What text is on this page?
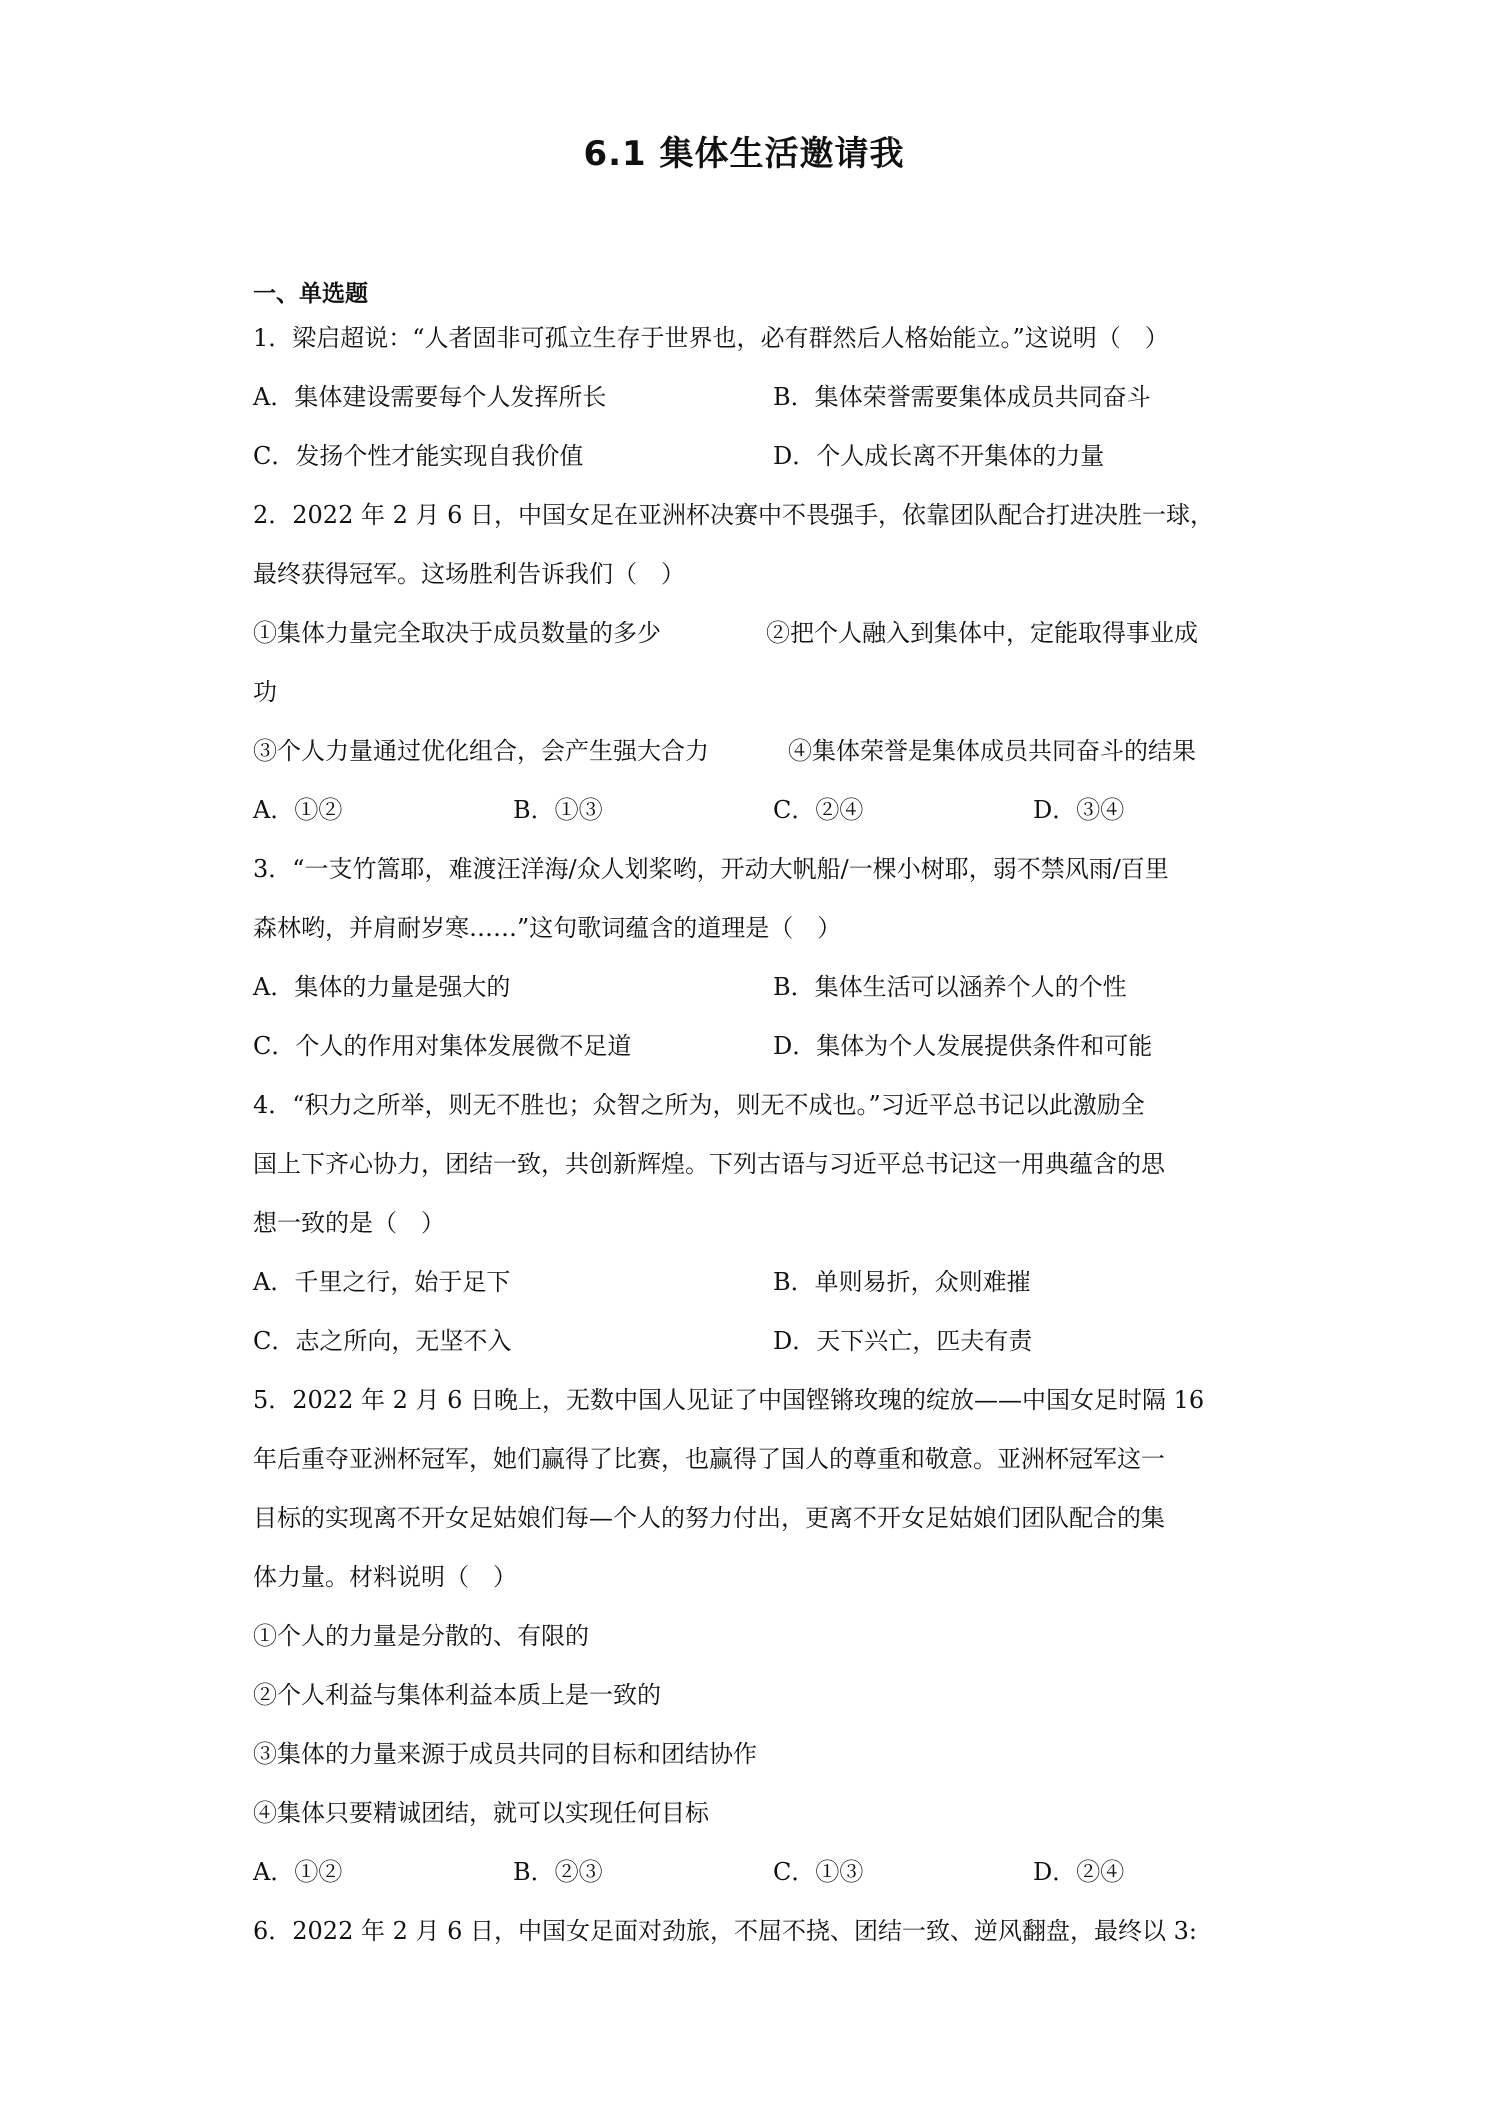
6.1 集体生活邀请我
一、单选题
1．梁启超说：“人者固非可孤立生存于世界也，必有群然后人格始能立。”这说明（　）
A．集体建设需要每个人发挥所长	B．集体荣誉需要集体成员共同奋斗
C．发扬个性才能实现自我价值	D．个人成长离不开集体的力量
2．2022 年 2 月 6 日，中国女足在亚洲杯决赛中不畏强手，依靠团队配合打进决胜一球，
最终获得冠军。这场胜利告诉我们（　）
①集体力量完全取决于成员数量的多少	②把个人融入到集体中，定能取得事业成
功
③个人力量通过优化组合，会产生强大合力	④集体荣誉是集体成员共同奋斗的结果
A．①②	B．①③	C．②④	D．③④
3．“一支竹篙耶，难渡汪洋海/众人划桨哟，开动大帆船/一棵小树耶，弱不禁风雨/百里
森林哟，并肩耐岁寒……”这句歌词蕴含的道理是（　）
A．集体的力量是强大的	B．集体生活可以涵养个人的个性
C．个人的作用对集体发展微不足道	D．集体为个人发展提供条件和可能
4．“积力之所举，则无不胜也；众智之所为，则无不成也。”习近平总书记以此激励全
国上下齐心协力，团结一致，共创新辉煌。下列古语与习近平总书记这一用典蕴含的思
想一致的是（　）
A．千里之行，始于足下	B．单则易折，众则难摧
C．志之所向，无坚不入	D．天下兴亡，匹夫有责
5．2022 年 2 月 6 日晚上，无数中国人见证了中国铿锵玫瑰的绽放——中国女足时隔 16
年后重夺亚洲杯冠军，她们赢得了比赛，也赢得了国人的尊重和敬意。亚洲杯冠军这一
目标的实现离不开女足姑娘们每—个人的努力付出，更离不开女足姑娘们团队配合的集
体力量。材料说明（　）
①个人的力量是分散的、有限的
②个人利益与集体利益本质上是一致的
③集体的力量来源于成员共同的目标和团结协作
④集体只要精诚团结，就可以实现任何目标
A．①②	B．②③	C．①③	D．②④
6．2022 年 2 月 6 日，中国女足面对劲旅，不屈不挠、团结一致、逆风翻盘，最终以 3:
